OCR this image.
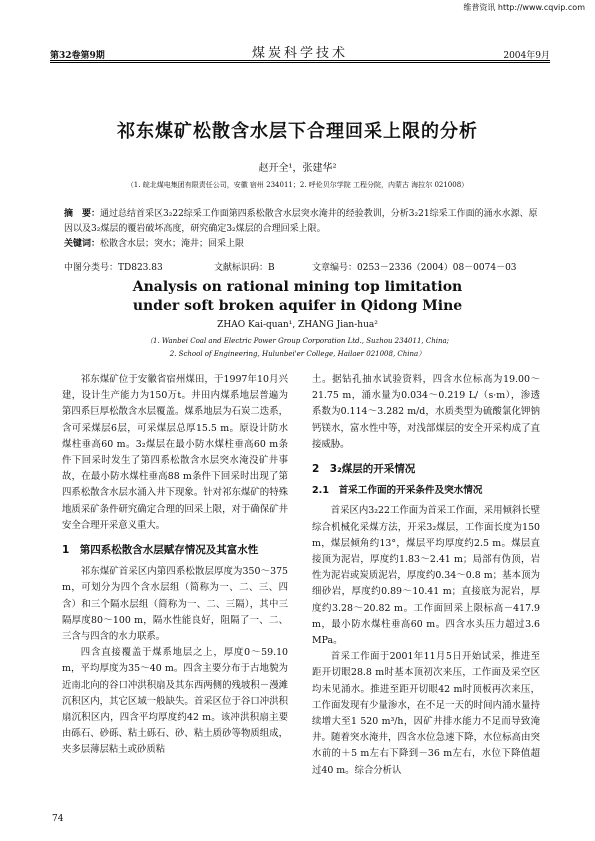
维普资讯 http://www.cqvip.com
第32卷第9期	煤炭科学技术	2004年9月
祁东煤矿松散含水层下合理回采上限的分析
赵开全¹，张建华²
（1. 皖北煤电集团有限责任公司，安徽 宿州 234011；2. 呼伦贝尔学院 工程分院，内蒙古 海拉尔 021008）
摘　要：通过总结首采区3₂22综采工作面第四系松散含水层突水淹井的经验教训，分析3₂21综采工作面的涌水水源、原因以及3₂煤层的覆岩破坏高度，研究确定3₂煤层的合理回采上限。
关键词：松散含水层；突水；淹井；回采上限
中图分类号：TD823.83	文献标识码：B	文章编号：0253－2336（2004）08－0074－03
Analysis on rational mining top limitation
under soft broken aquifer in Qidong Mine
ZHAO Kai-quan¹, ZHANG Jian-hua²
（1. Wanbei Coal and Electric Power Group Corporation Ltd., Suzhou 234011, China;
2. School of Engineering, Hulunbei'er College, Hailaer 021008, China）

祁东煤矿位于安徽省宿州煤田，于1997年10月兴建，设计生产能力为150万t。井田内煤系地层普遍为第四系巨厚松散含水层覆盖。煤系地层为石炭二迭系，含可采煤层6层，可采煤层总厚15.5 m。原设计防水煤柱垂高60 m。3₂煤层在最小防水煤柱垂高60 m条件下回采时发生了第四系松散含水层突水淹没矿井事故，在最小防水煤柱垂高88 m条件下回采时出现了第四系松散含水层水涌入井下现象。针对祁东煤矿的特殊地质采矿条件研究确定合理的回采上限，对于确保矿井安全合理开采意义重大。

1　第四系松散含水层赋存情况及其富水性

祁东煤矿首采区内第四系松散层厚度为350～375 m，可划分为四个含水层组（简称为一、二、三、四含）和三个隔水层组（简称为一、二、三隔），其中三隔厚度80～100 m，隔水性能良好，阻隔了一、二、三含与四含的水力联系。

四含直接覆盖于煤系地层之上，厚度0～59.10 m，平均厚度为35～40 m。四含主要分布于古地貌为近南北向的谷口冲洪积扇及其东西两侧的残坡积－漫滩沉积区内，其它区域一般缺失。首采区位于谷口冲洪积扇沉积区内，四含平均厚度约42 m。该冲洪积扇主要由砾石、砂砾、粘土砾石、砂、粘土质砂等物质组成，夹多层薄层粘土或砂质粘

土。据钻孔抽水试验资料，四含水位标高为19.00～21.75 m，涌水量为0.034～0.219 L/（s·m），渗透系数为0.114～3.282 m/d，水质类型为硫酸氯化钾钠钙镁水，富水性中等，对浅部煤层的安全开采构成了直接威胁。

2　3₂煤层的开采情况
2.1　首采工作面的开采条件及突水情况

首采区内3₂22工作面为首采工作面，采用倾斜长壁综合机械化采煤方法，开采3₂煤层，工作面长度为150 m，煤层倾角约13°，煤层平均厚度约2.5 m。煤层直接顶为泥岩，厚度约1.83～2.41 m；局部有伪顶，岩性为泥岩或炭质泥岩，厚度约0.34～0.8 m；基本顶为细砂岩，厚度约0.89～10.41 m；直接底为泥岩，厚度约3.28～20.82 m。工作面回采上限标高－417.9 m，最小防水煤柱垂高60 m。四含水头压力超过3.6 MPa。

首采工作面于2001年11月5日开始试采，推进至距开切眼28.8 m时基本顶初次来压，工作面及采空区均未见涌水。推进至距开切眼42 m时顶板再次来压，工作面发现有少量渗水，在不足一天的时间内涌水量持续增大至1 520 m³/h，因矿井排水能力不足而导致淹井。随着突水淹井，四含水位急速下降，水位标高由突水前的＋5 m左右下降到－36 m左右，水位下降值超过40 m。综合分析认

74
